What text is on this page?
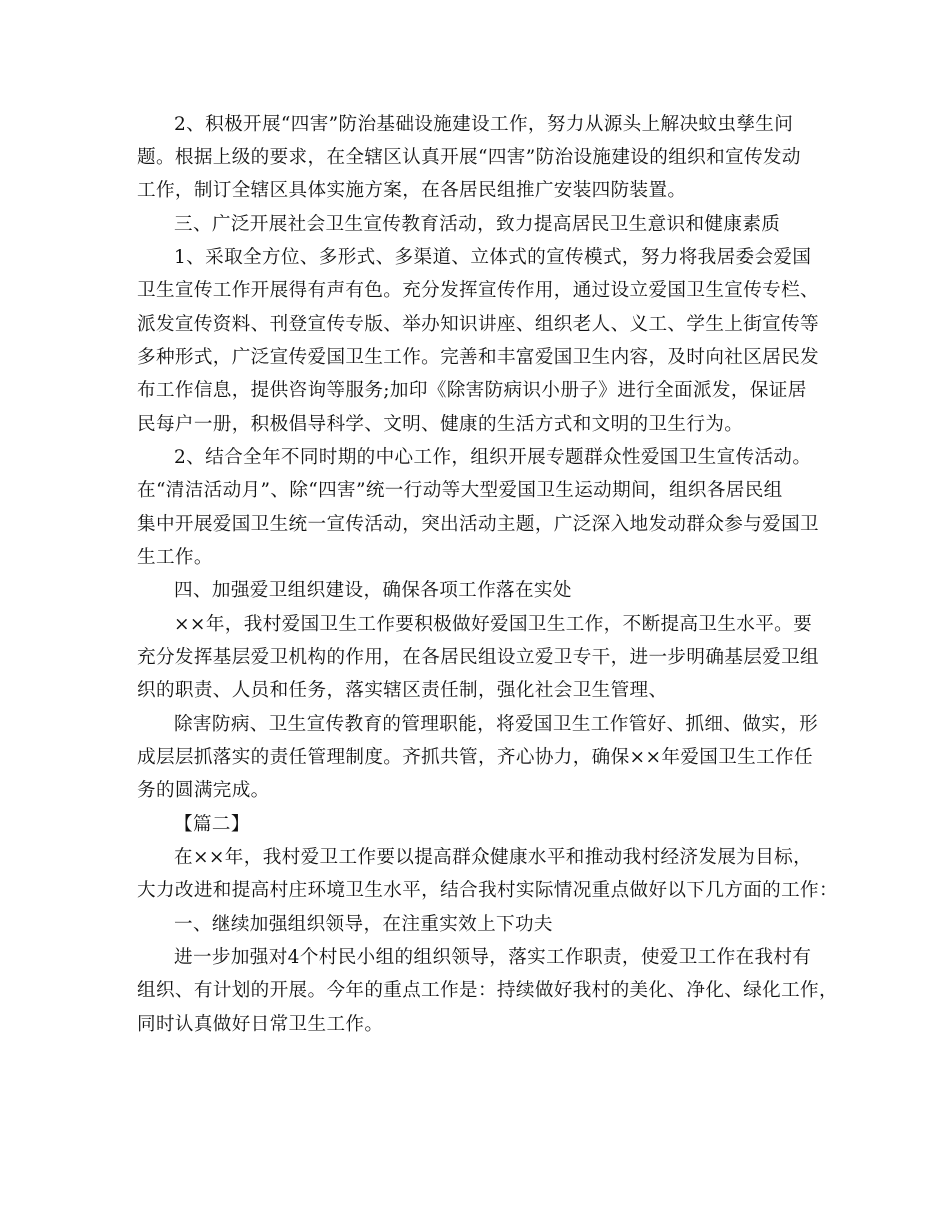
2、积极开展“四害”防治基础设施建设工作，努力从源头上解决蚊虫孳生问
题。根据上级的要求，在全辖区认真开展“四害”防治设施建设的组织和宣传发动
工作，制订全辖区具体实施方案，在各居民组推广安装四防装置。
三、广泛开展社会卫生宣传教育活动，致力提高居民卫生意识和健康素质
1、采取全方位、多形式、多渠道、立体式的宣传模式，努力将我居委会爱国
卫生宣传工作开展得有声有色。充分发挥宣传作用，通过设立爱国卫生宣传专栏、
派发宣传资料、刊登宣传专版、举办知识讲座、组织老人、义工、学生上街宣传等
多种形式，广泛宣传爱国卫生工作。完善和丰富爱国卫生内容，及时向社区居民发
布工作信息，提供咨询等服务;加印《除害防病识小册子》进行全面派发，保证居
民每户一册，积极倡导科学、文明、健康的生活方式和文明的卫生行为。
2、结合全年不同时期的中心工作，组织开展专题群众性爱国卫生宣传活动。
在“清洁活动月”、除“四害”统一行动等大型爱国卫生运动期间，组织各居民组
集中开展爱国卫生统一宣传活动，突出活动主题，广泛深入地发动群众参与爱国卫
生工作。
四、加强爱卫组织建设，确保各项工作落在实处
××年，我村爱国卫生工作要积极做好爱国卫生工作，不断提高卫生水平。要
充分发挥基层爱卫机构的作用，在各居民组设立爱卫专干，进一步明确基层爱卫组
织的职责、人员和任务，落实辖区责任制，强化社会卫生管理、
除害防病、卫生宣传教育的管理职能，将爱国卫生工作管好、抓细、做实，形
成层层抓落实的责任管理制度。齐抓共管，齐心协力，确保××年爱国卫生工作任
务的圆满完成。
【篇二】
在××年，我村爱卫工作要以提高群众健康水平和推动我村经济发展为目标，
大力改进和提高村庄环境卫生水平，结合我村实际情况重点做好以下几方面的工作：
一、继续加强组织领导，在注重实效上下功夫
进一步加强对4个村民小组的组织领导，落实工作职责，使爱卫工作在我村有
组织、有计划的开展。今年的重点工作是：持续做好我村的美化、净化、绿化工作，
同时认真做好日常卫生工作。
